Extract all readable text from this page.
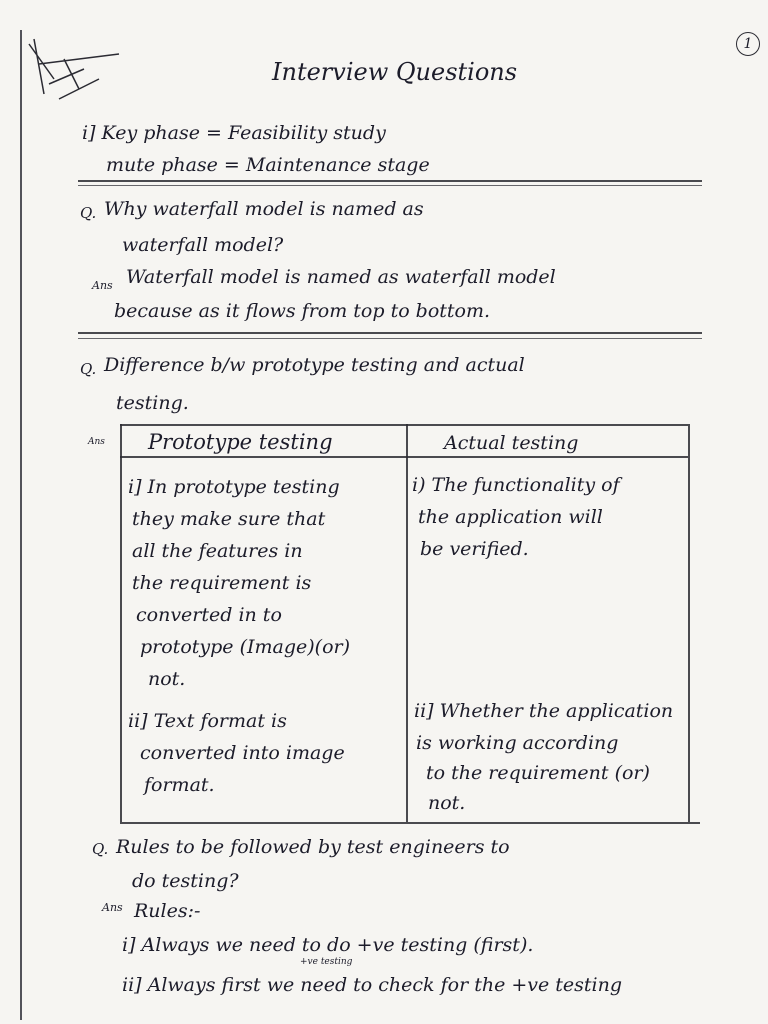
1
Interview Questions
i] Key phase = Feasibility study
mute phase = Maintenance stage
Q. Why waterfall model is named as
waterfall model?
Ans Waterfall model is named as waterfall model
because as it flows from top to bottom.
Q. Difference b/w prototype testing and actual
testing.
Ans Prototype testing	Actual testing
i] In prototype testing
they make sure that
all the features in
the requirement is
converted in to
prototype (Image)(or)
not.
ii] Text format is
converted into image
format.
i) The functionality of
the application will
be verified.
ii] Whether the application
is working according
to the requirement (or)
not.
Q. Rules to be followed by test engineers to
do testing?
Ans Rules:-
i] Always we need to do +ve testing (first).
+ve testing
ii] Always first we need to check for the +ve testing
